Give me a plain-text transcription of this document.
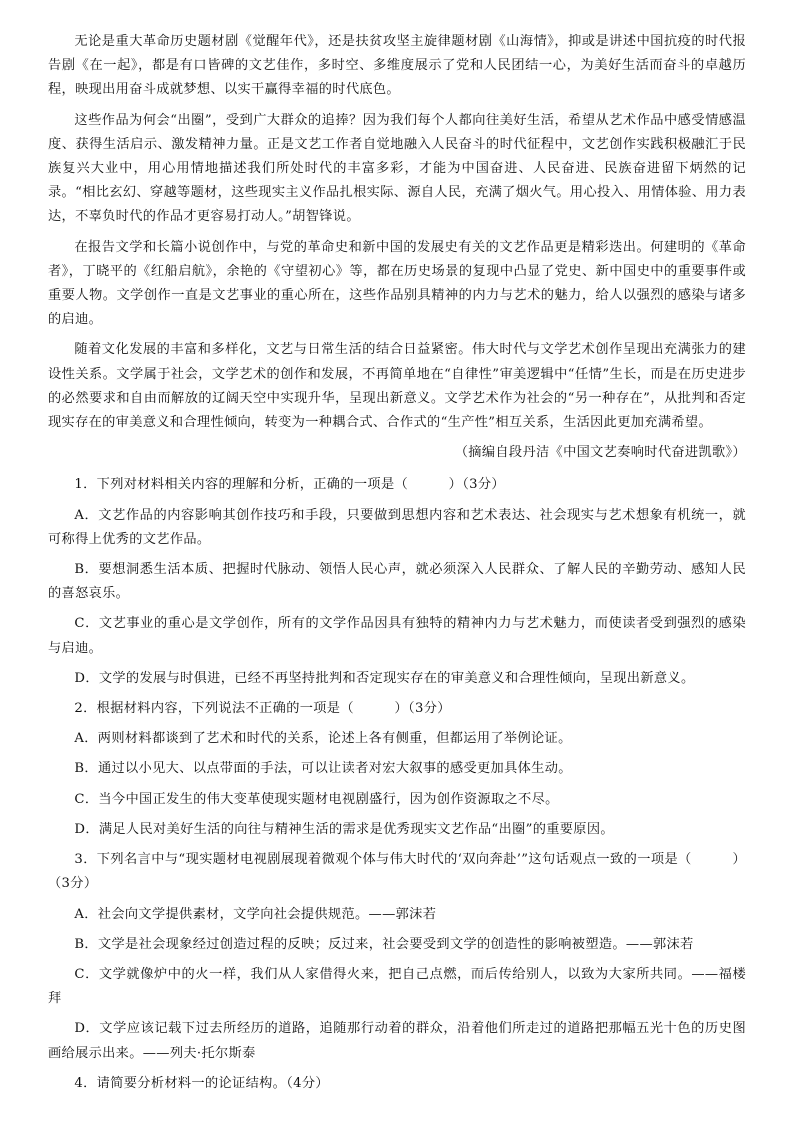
无论是重大革命历史题材剧《觉醒年代》，还是扶贫攻坚主旋律题材剧《山海情》，抑或是讲述中国抗疫的时代报告剧《在一起》，都是有口皆碑的文艺佳作，多时空、多维度展示了党和人民团结一心，为美好生活而奋斗的卓越历程，映现出用奋斗成就梦想、以实干赢得幸福的时代底色。

这些作品为何会“出圈”，受到广大群众的追捧？因为我们每个人都向往美好生活，希望从艺术作品中感受情感温度、获得生活启示、激发精神力量。正是文艺工作者自觉地融入人民奋斗的时代征程中，文艺创作实践积极融汇于民族复兴大业中，用心用情地描述我们所处时代的丰富多彩，才能为中国奋进、人民奋进、民族奋进留下炳然的记录。“相比玄幻、穿越等题材，这些现实主义作品扎根实际、源自人民，充满了烟火气。用心投入、用情体验、用力表达，不辜负时代的作品才更容易打动人。”胡智锋说。

在报告文学和长篇小说创作中，与党的革命史和新中国的发展史有关的文艺作品更是精彩迭出。何建明的《革命者》，丁晓平的《红船启航》，余艳的《守望初心》等，都在历史场景的复现中凸显了党史、新中国史中的重要事件或重要人物。文学创作一直是文艺事业的重心所在，这些作品别具精神的内力与艺术的魅力，给人以强烈的感染与诸多的启迪。

随着文化发展的丰富和多样化，文艺与日常生活的结合日益紧密。伟大时代与文学艺术创作呈现出充满张力的建设性关系。文学属于社会，文学艺术的创作和发展，不再简单地在“自律性”审美逻辑中“任情”生长，而是在历史进步的必然要求和自由而解放的辽阔天空中实现升华，呈现出新意义。文学艺术作为社会的“另一种存在”，从批判和否定现实存在的审美意义和合理性倾向，转变为一种耦合式、合作式的“生产性”相互关系，生活因此更加充满希望。

（摘编自段丹洁《中国文艺奏响时代奋进凯歌》）

1．下列对材料相关内容的理解和分析，正确的一项是（　　　）（3分）

A．文艺作品的内容影响其创作技巧和手段，只要做到思想内容和艺术表达、社会现实与艺术想象有机统一，就可称得上优秀的文艺作品。

B．要想洞悉生活本质、把握时代脉动、领悟人民心声，就必须深入人民群众、了解人民的辛勤劳动、感知人民的喜怒哀乐。

C．文艺事业的重心是文学创作，所有的文学作品因具有独特的精神内力与艺术魅力，而使读者受到强烈的感染与启迪。

D．文学的发展与时俱进，已经不再坚持批判和否定现实存在的审美意义和合理性倾向，呈现出新意义。

2．根据材料内容，下列说法不正确的一项是（　　　）（3分）

A．两则材料都谈到了艺术和时代的关系，论述上各有侧重，但都运用了举例论证。

B．通过以小见大、以点带面的手法，可以让读者对宏大叙事的感受更加具体生动。

C．当今中国正发生的伟大变革使现实题材电视剧盛行，因为创作资源取之不尽。

D．满足人民对美好生活的向往与精神生活的需求是优秀现实文艺作品“出圈”的重要原因。

3．下列名言中与“现实题材电视剧展现着微观个体与伟大时代的‘双向奔赴’”这句话观点一致的一项是（　　　）（3分）

A．社会向文学提供素材，文学向社会提供规范。——郭沫若

B．文学是社会现象经过创造过程的反映；反过来，社会要受到文学的创造性的影响被塑造。——郭沫若

C．文学就像炉中的火一样，我们从人家借得火来，把自己点燃，而后传给别人，以致为大家所共同。——福楼拜

D．文学应该记载下过去所经历的道路，追随那行动着的群众，沿着他们所走过的道路把那幅五光十色的历史图画给展示出来。——列夫·托尔斯泰

4．请简要分析材料一的论证结构。（4分）
